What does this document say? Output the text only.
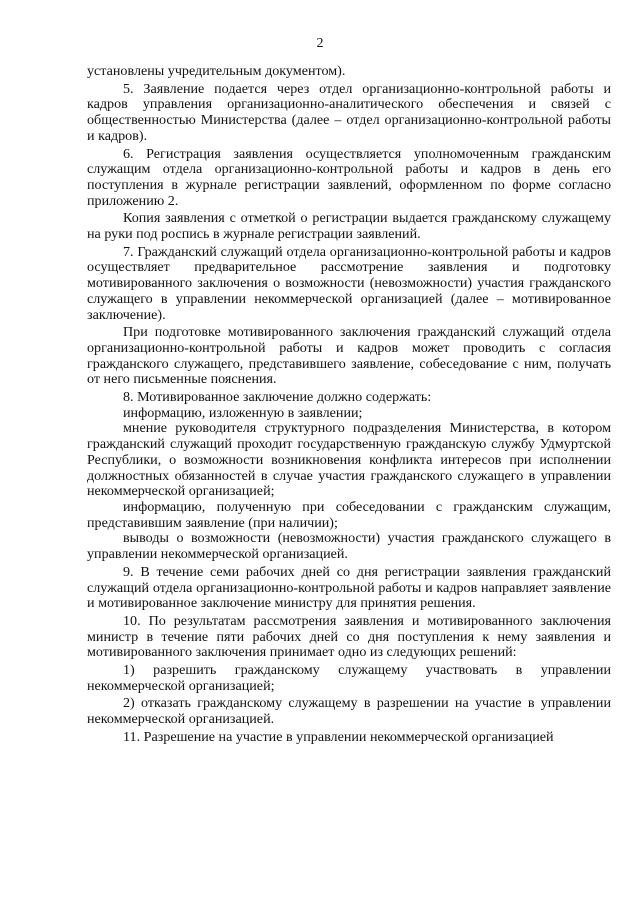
2

установлены учредительным документом).

5. Заявление подается через отдел организационно-контрольной работы и кадров управления организационно-аналитического обеспечения и связей с общественностью Министерства (далее – отдел организационно-контрольной работы и кадров).

6. Регистрация заявления осуществляется уполномоченным гражданским служащим отдела организационно-контрольной работы и кадров в день его поступления в журнале регистрации заявлений, оформленном по форме согласно приложению 2.

Копия заявления с отметкой о регистрации выдается гражданскому служащему на руки под роспись в журнале регистрации заявлений.

7. Гражданский служащий отдела организационно-контрольной работы и кадров осуществляет предварительное рассмотрение заявления и подготовку мотивированного заключения о возможности (невозможности) участия гражданского служащего в управлении некоммерческой организацией (далее – мотивированное заключение).

При подготовке мотивированного заключения гражданский служащий отдела организационно-контрольной работы и кадров может проводить с согласия гражданского служащего, представившего заявление, собеседование с ним, получать от него письменные пояснения.

8. Мотивированное заключение должно содержать:

информацию, изложенную в заявлении;

мнение руководителя структурного подразделения Министерства, в котором гражданский служащий проходит государственную гражданскую службу Удмуртской Республики, о возможности возникновения конфликта интересов при исполнении должностных обязанностей в случае участия гражданского служащего в управлении некоммерческой организацией;

информацию, полученную при собеседовании с гражданским служащим, представившим заявление (при наличии);

выводы о возможности (невозможности) участия гражданского служащего в управлении некоммерческой организацией.

9. В течение семи рабочих дней со дня регистрации заявления гражданский служащий отдела организационно-контрольной работы и кадров направляет заявление и мотивированное заключение министру для принятия решения.

10. По результатам рассмотрения заявления и мотивированного заключения министр в течение пяти рабочих дней со дня поступления к нему заявления и мотивированного заключения принимает одно из следующих решений:

1) разрешить гражданскому служащему участвовать в управлении некоммерческой организацией;

2) отказать гражданскому служащему в разрешении на участие в управлении некоммерческой организацией.

11. Разрешение на участие в управлении некоммерческой организацией
